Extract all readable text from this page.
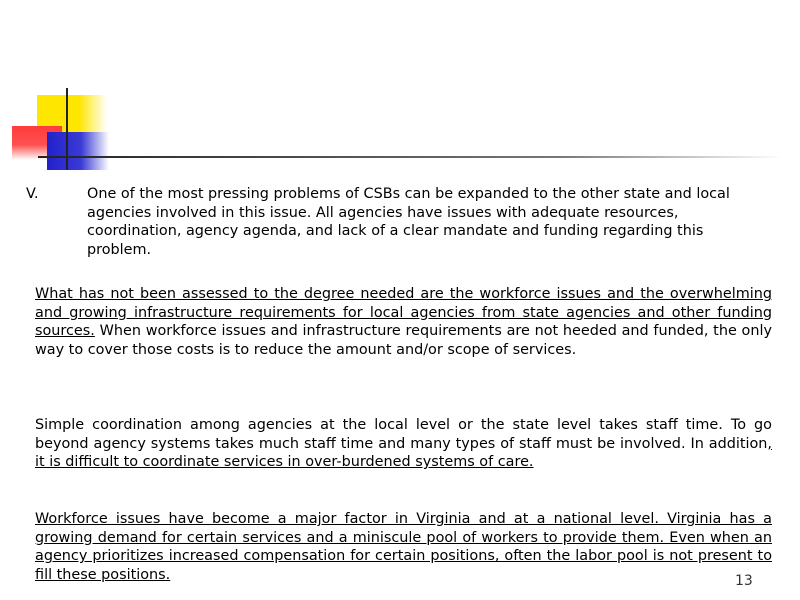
V.	One of the most pressing problems of CSBs can be expanded to the other state and local agencies involved in this issue. All agencies have issues with adequate resources, coordination, agency agenda, and lack of a clear mandate and funding regarding this problem.
What has not been assessed to the degree needed are the workforce issues and the overwhelming and growing infrastructure requirements for local agencies from state agencies and other funding sources. When workforce issues and infrastructure requirements are not heeded and funded, the only way to cover those costs is to reduce the amount and/or scope of services.
Simple coordination among agencies at the local level or the state level takes staff time. To go beyond agency systems takes much staff time and many types of staff must be involved. In addition, it is difficult to coordinate services in over-burdened systems of care.
Workforce issues have become a major factor in Virginia and at a national level. Virginia has a growing demand for certain services and a miniscule pool of workers to provide them. Even when an agency prioritizes increased compensation for certain positions, often the labor pool is not present to fill these positions.	13
